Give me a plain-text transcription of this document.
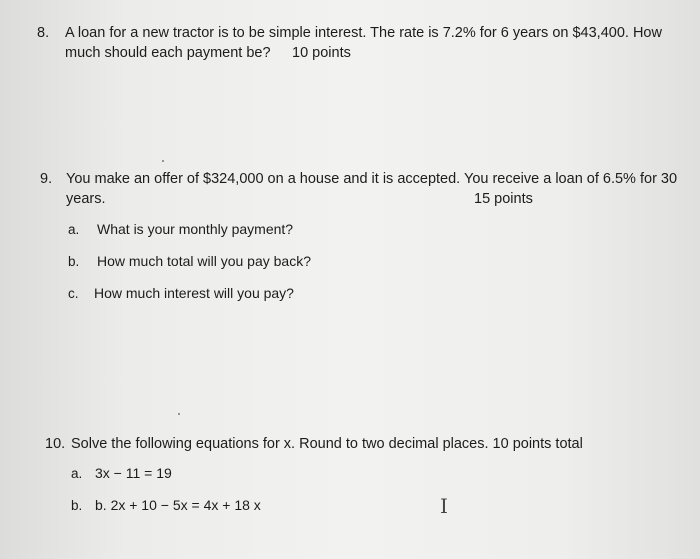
8. A loan for a new tractor is to be simple interest. The rate is 7.2% for 6 years on $43,400. How
much should each payment be? 10 points
9. You make an offer of $324,000 on a house and it is accepted. You receive a loan of 6.5% for 30
years.	15 points
a. What is your monthly payment?
b. How much total will you pay back?
c. How much interest will you pay?
10. Solve the following equations for x. Round to two decimal places. 10 points total
a. 3x − 11 = 19
b. b. 2x + 10 − 5x = 4x + 18 x	I
